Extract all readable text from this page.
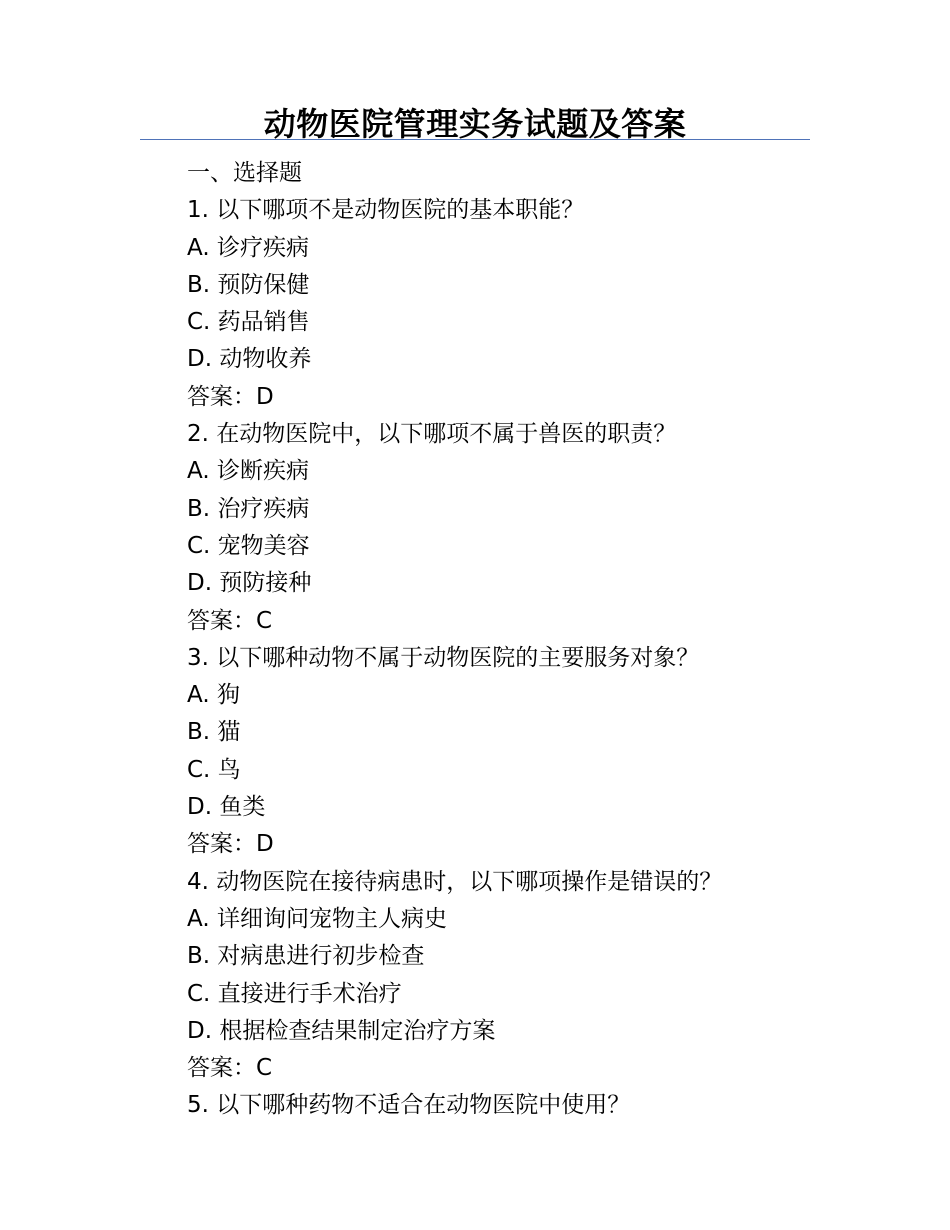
动物医院管理实务试题及答案

一、选择题

1. 以下哪项不是动物医院的基本职能？

A. 诊疗疾病

B. 预防保健

C. 药品销售

D. 动物收养

答案：D

2. 在动物医院中，以下哪项不属于兽医的职责？

A. 诊断疾病

B. 治疗疾病

C. 宠物美容

D. 预防接种

答案：C

3. 以下哪种动物不属于动物医院的主要服务对象？

A. 狗

B. 猫

C. 鸟

D. 鱼类

答案：D

4. 动物医院在接待病患时，以下哪项操作是错误的？

A. 详细询问宠物主人病史

B. 对病患进行初步检查

C. 直接进行手术治疗

D. 根据检查结果制定治疗方案

答案：C

5. 以下哪种药物不适合在动物医院中使用？
